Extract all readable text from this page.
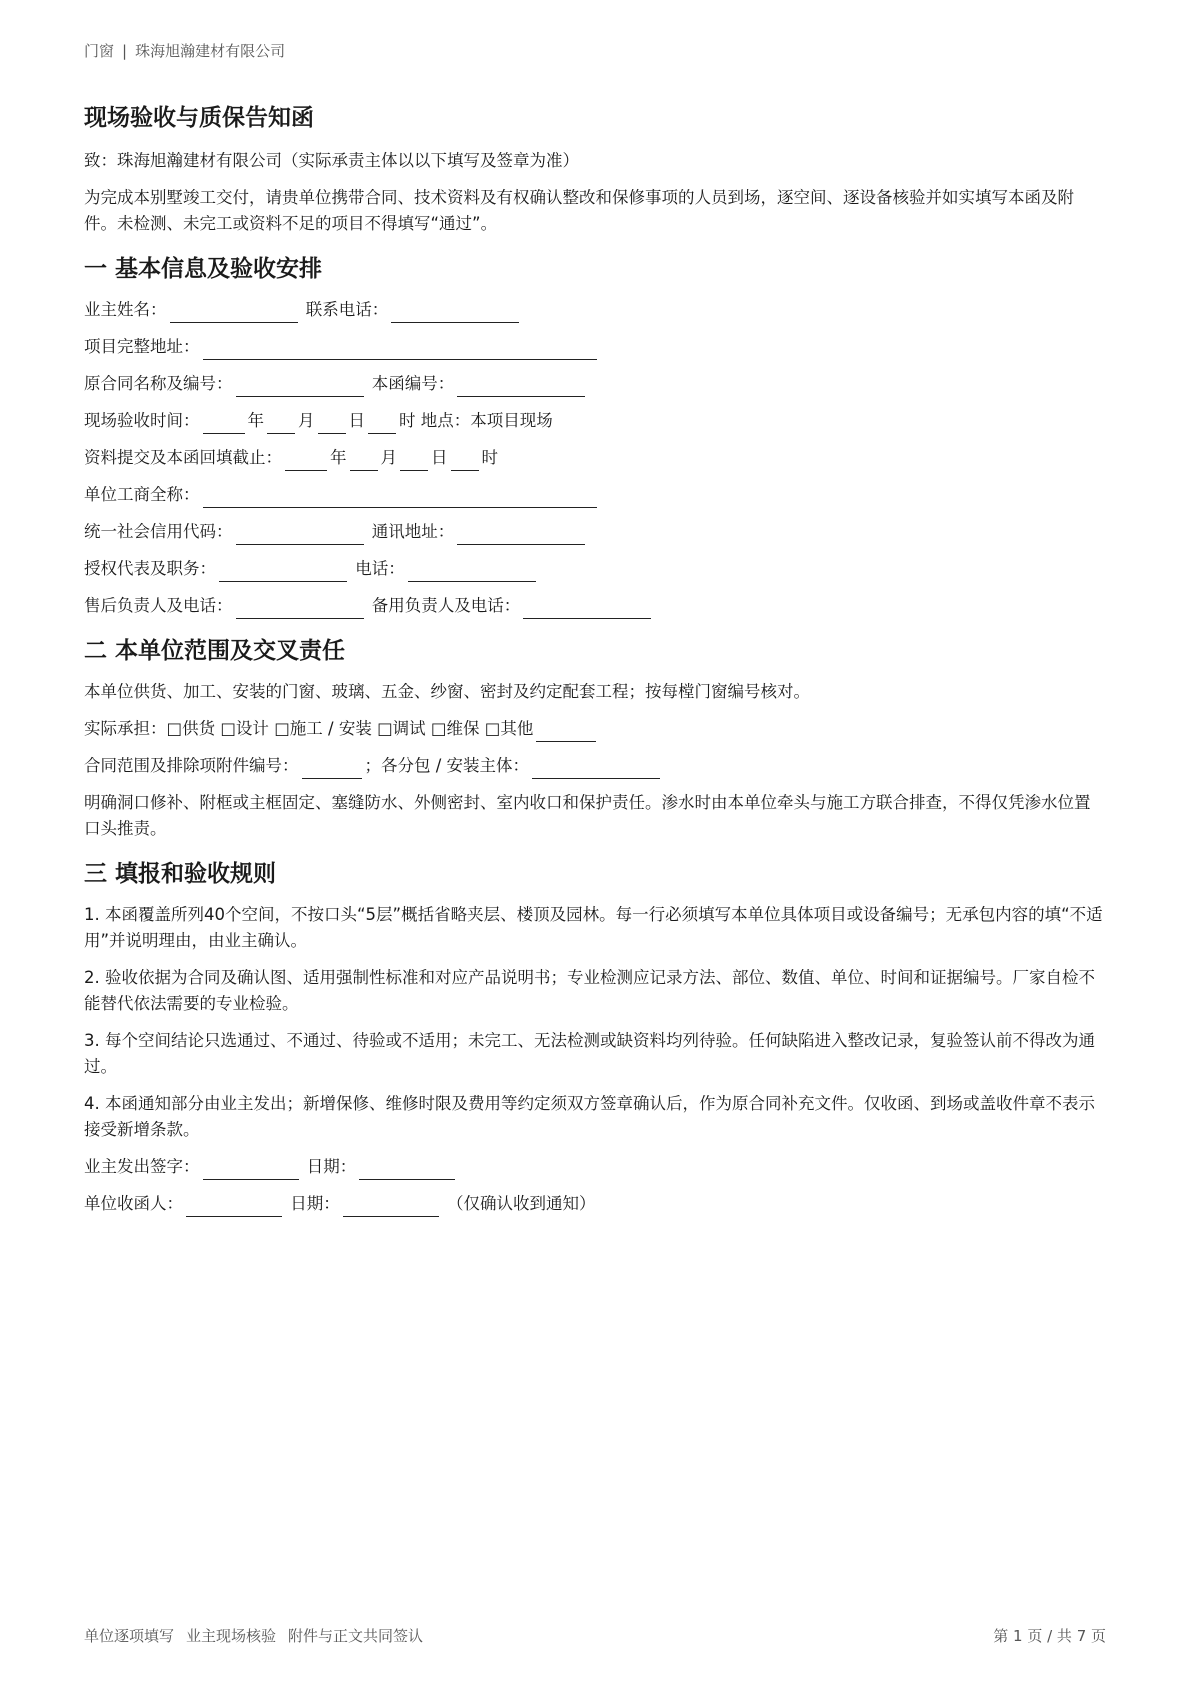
门窗 | 珠海旭瀚建材有限公司
现场验收与质保告知函

致：珠海旭瀚建材有限公司（实际承责主体以以下填写及签章为准）

为完成本别墅竣工交付，请贵单位携带合同、技术资料及有权确认整改和保修事项的人员到场，逐空间、逐设备核验并如实填写本函及附件。未检测、未完工或资料不足的项目不得填写“通过”。

一 基本信息及验收安排

业主姓名：	联系电话：

项目完整地址：

原合同名称及编号：	本函编号：

现场验收时间：	年 月 日 时 地点：本项目现场

资料提交及本函回填截止：	年 月 日 时

单位工商全称：

统一社会信用代码：	通讯地址：

授权代表及职务：	电话：

售后负责人及电话：	备用负责人及电话：

二 本单位范围及交叉责任

本单位供货、加工、安装的门窗、玻璃、五金、纱窗、密封及约定配套工程；按每樘门窗编号核对。

实际承担：□供货 □设计 □施工 / 安装 □调试 □维保 □其他

合同范围及排除项附件编号：	；各分包 / 安装主体：

明确洞口修补、附框或主框固定、塞缝防水、外侧密封、室内收口和保护责任。渗水时由本单位牵头与施工方联合排查，不得仅凭渗水位置口头推责。

三 填报和验收规则

1. 本函覆盖所列40个空间，不按口头“5层”概括省略夹层、楼顶及园林。每一行必须填写本单位具体项目或设备编号；无承包内容的填“不适用”并说明理由，由业主确认。

2. 验收依据为合同及确认图、适用强制性标准和对应产品说明书；专业检测应记录方法、部位、数值、单位、时间和证据编号。厂家自检不能替代依法需要的专业检验。

3. 每个空间结论只选通过、不通过、待验或不适用；未完工、无法检测或缺资料均列待验。任何缺陷进入整改记录，复验签认前不得改为通过。

4. 本函通知部分由业主发出；新增保修、维修时限及费用等约定须双方签章确认后，作为原合同补充文件。仅收函、到场或盖收件章不表示接受新增条款。

业主发出签字：	日期：

单位收函人：	日期：	（仅确认收到通知）

单位逐项填写 业主现场核验 附件与正文共同签认	第 1 页 / 共 7 页
